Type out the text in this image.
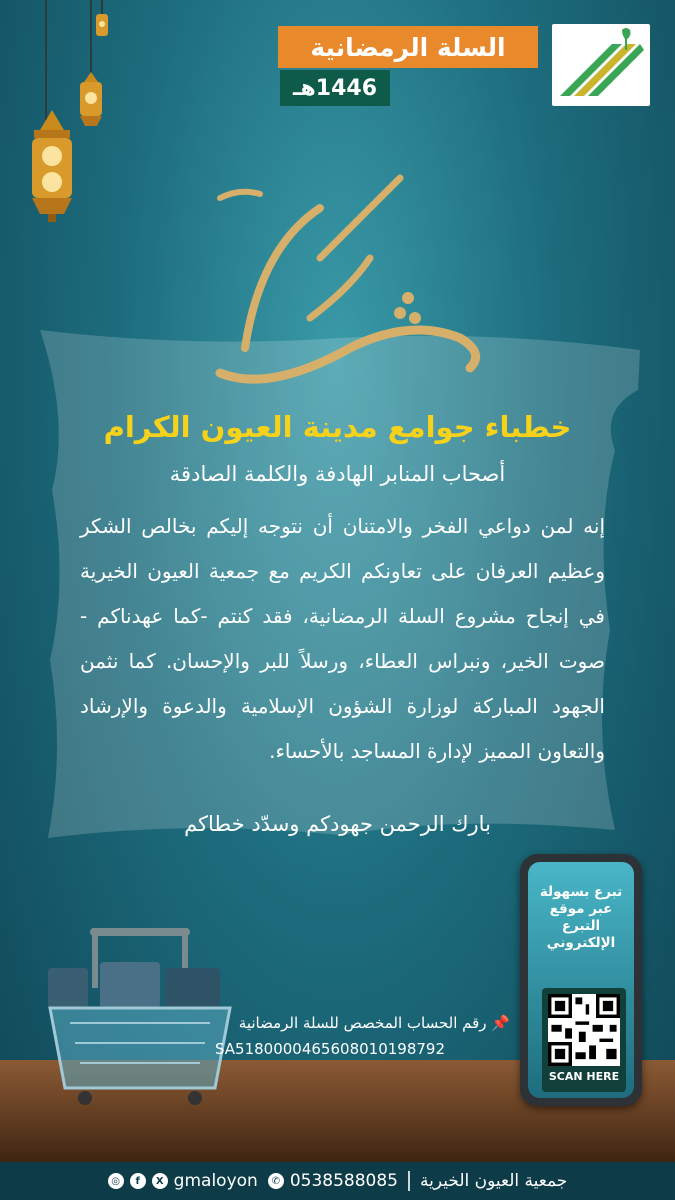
السلة الرمضانية
1446هـ
خطباء جوامع مدينة العيون الكرام
أصحاب المنابر الهادفة والكلمة الصادقة
إنه لمن دواعي الفخر والامتنان أن نتوجه إليكم بخالص الشكر وعظيم العرفان على تعاونكم الكريم مع جمعية العيون الخيرية في إنجاح مشروع السلة الرمضانية، فقد كنتم -كما عهدناكم - صوت الخير، ونبراس العطاء، ورسلاً للبر والإحسان. كما نثمن الجهود المباركة لوزارة الشؤون الإسلامية والدعوة والإرشاد والتعاون المميز لإدارة المساجد بالأحساء.
بارك الرحمن جهودكم وسدّد خطاكم
📌 رقم الحساب المخصص للسلة الرمضانية
SA5180000465608010198792
تبرع بسهولة عبر موقع التبرع الإلكتروني
SCAN HERE
◎	f	X gmaloyon	✆ 0538588085 جمعية العيون الخيرية
